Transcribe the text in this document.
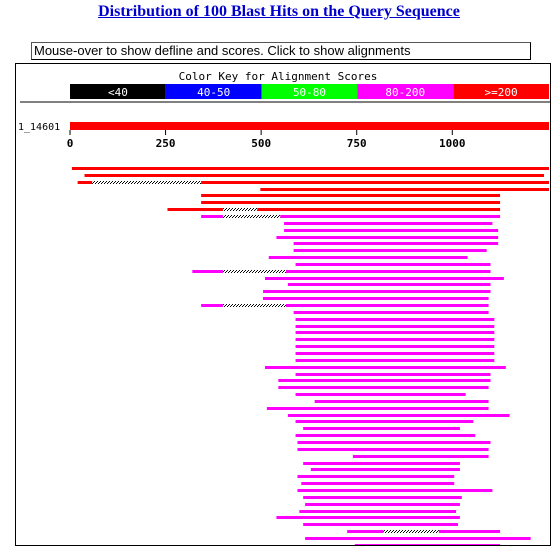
Distribution of 100 Blast Hits on the Query Sequence
Mouse-over to show defline and scores. Click to show alignments
Color Key for Alignment Scores
<40	40-50	50-80	80-200	>=200
1_14601
0	250	500	750	1000
